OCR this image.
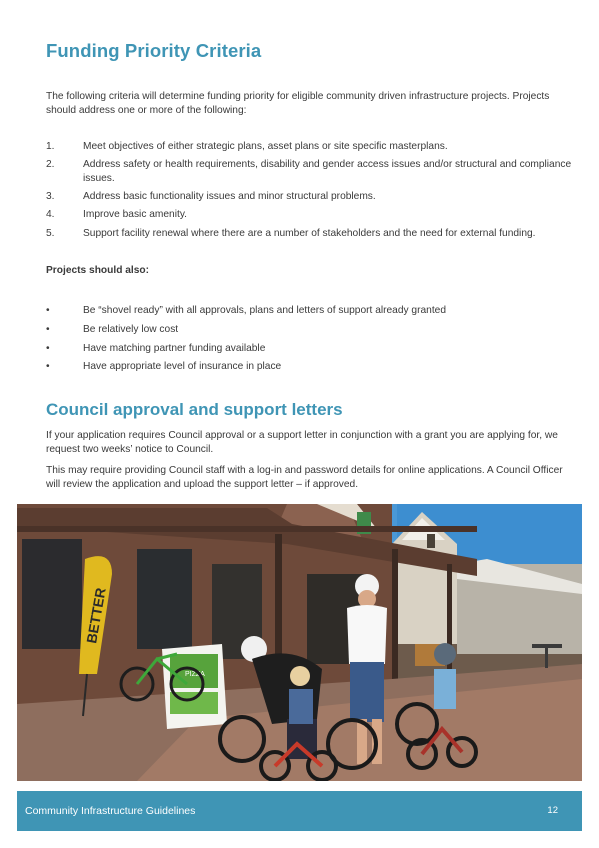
Funding Priority Criteria

The following criteria will determine funding priority for eligible community driven infrastructure projects. Projects should address one or more of the following:

1.	Meet objectives of either strategic plans, asset plans or site specific masterplans.
2.	Address safety or health requirements, disability and gender access issues and/or structural and compliance issues.
3.	Address basic functionality issues and minor structural problems.
4.	Improve basic amenity.
5.	Support facility renewal where there are a number of stakeholders and the need for external funding.

Projects should also:

•	Be “shovel ready” with all approvals, plans and letters of support already granted
•	Be relatively low cost
•	Have matching partner funding available
•	Have appropriate level of insurance in place
Council approval and support letters

If your application requires Council approval or a support letter in conjunction with a grant you are applying for, we request two weeks’ notice to Council.

This may require providing Council staff with a log-in and password details for online applications. A Council Officer will review the application and upload the support letter – if approved.

BETTER
PIZZA
Community Infrastructure Guidelines	12
